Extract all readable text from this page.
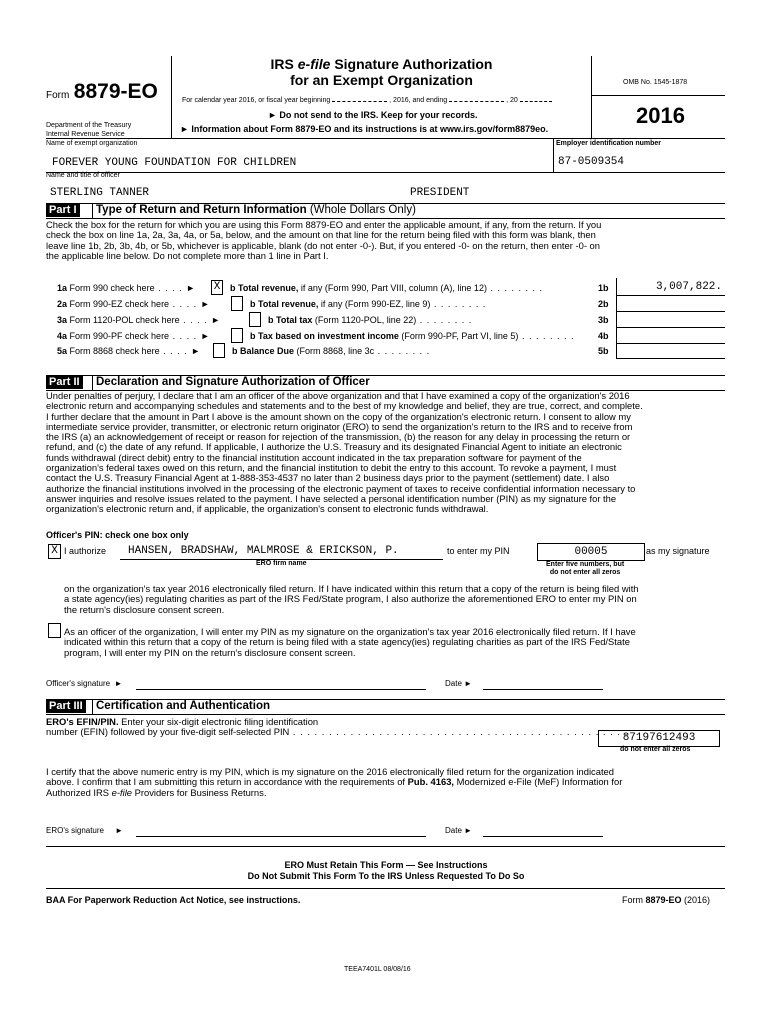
Form 8879-EO
Department of the Treasury
Internal Revenue Service
IRS e-file Signature Authorization
for an Exempt Organization
For calendar year 2016, or fiscal year beginning	, 2016, and ending	, 20
► Do not send to the IRS. Keep for your records.
► Information about Form 8879-EO and its instructions is at www.irs.gov/form8879eo.
OMB No. 1545-1878
2016
Name of exempt organization	Employer identification number
FOREVER YOUNG FOUNDATION FOR CHILDREN	87-0509354
Name and title of officer
STERLING TANNER	PRESIDENT
Part I Type of Return and Return Information (Whole Dollars Only)

Check the box for the return for which you are using this Form 8879-EO and enter the applicable amount, if any, from the return. If you

check the box on line 1a, 2a, 3a, 4a, or 5a, below, and the amount on that line for the return being filed with this form was blank, then

leave line 1b, 2b, 3b, 4b, or 5b, whichever is applicable, blank (do not enter -0-). But, if you entered -0- on the return, then enter -0- on

the applicable line below. Do not complete more than 1 line in Part I.

1a Form 990 check here . . . . ► X	b Total revenue, if any (Form 990, Part VIII, column (A), line 12) . . . . . . . .	1b	3,007,822.
2a Form 990-EZ check here . . . . ►	b Total revenue, if any (Form 990-EZ, line 9) . . . . . . . .	2b
3a Form 1120-POL check here . . . . ►	b Total tax (Form 1120-POL, line 22) . . . . . . . .	3b
4a Form 990-PF check here . . . . ►	b Tax based on investment income (Form 990-PF, Part VI, line 5) . . . . . . . .	4b
5a Form 8868 check here . . . . ►	b Balance Due (Form 8868, line 3c . . . . . . . .	5b
Part II Declaration and Signature Authorization of Officer

Under penalties of perjury, I declare that I am an officer of the above organization and that I have examined a copy of the organization's 2016

electronic return and accompanying schedules and statements and to the best of my knowledge and belief, they are true, correct, and complete.

I further declare that the amount in Part I above is the amount shown on the copy of the organization's electronic return. I consent to allow my

intermediate service provider, transmitter, or electronic return originator (ERO) to send the organization's return to the IRS and to receive from

the IRS (a) an acknowledgement of receipt or reason for rejection of the transmission, (b) the reason for any delay in processing the return or

refund, and (c) the date of any refund. If applicable, I authorize the U.S. Treasury and its designated Financial Agent to initiate an electronic

funds withdrawal (direct debit) entry to the financial institution account indicated in the tax preparation software for payment of the

organization's federal taxes owed on this return, and the financial institution to debit the entry to this account. To revoke a payment, I must

contact the U.S. Treasury Financial Agent at 1-888-353-4537 no later than 2 business days prior to the payment (settlement) date. I also

authorize the financial institutions involved in the processing of the electronic payment of taxes to receive confidential information necessary to

answer inquiries and resolve issues related to the payment. I have selected a personal identification number (PIN) as my signature for the

organization's electronic return and, if applicable, the organization's consent to electronic funds withdrawal.

Officer's PIN: check one box only
X I authorize HANSEN, BRADSHAW, MALMROSE & ERICKSON, P.
ERO firm name
to enter my PIN	00005	as my signature
Enter five numbers, but
do not enter all zeros

on the organization's tax year 2016 electronically filed return. If I have indicated within this return that a copy of the return is being filed with

a state agency(ies) regulating charities as part of the IRS Fed/State program, I also authorize the aforementioned ERO to enter my PIN on

the return's disclosure consent screen.

As an officer of the organization, I will enter my PIN as my signature on the organization's tax year 2016 electronically filed return. If I have

indicated within this return that a copy of the return is being filed with a state agency(ies) regulating charities as part of the IRS Fed/State

program, I will enter my PIN on the return's disclosure consent screen.

Officer's signature  ►	Date ►
Part III Certification and Authentication

ERO's EFIN/PIN. Enter your six-digit electronic filing identification

number (EFIN) followed by your five-digit self-selected PIN . . . . . . . . . . . . . . . . . . . . . . . . . . . . . . . . . . . . . . . . . . . . . . .

87197612493
do not enter all zeros

I certify that the above numeric entry is my PIN, which is my signature on the 2016 electronically filed return for the organization indicated

above. I confirm that I am submitting this return in accordance with the requirements of Pub. 4163, Modernized e-File (MeF) Information for

Authorized IRS e-file Providers for Business Returns.

ERO's signature     ►	Date ►
ERO Must Retain This Form — See Instructions
Do Not Submit This Form To the IRS Unless Requested To Do So
BAA For Paperwork Reduction Act Notice, see instructions.	Form 8879-EO (2016)
TEEA7401L 08/08/16
